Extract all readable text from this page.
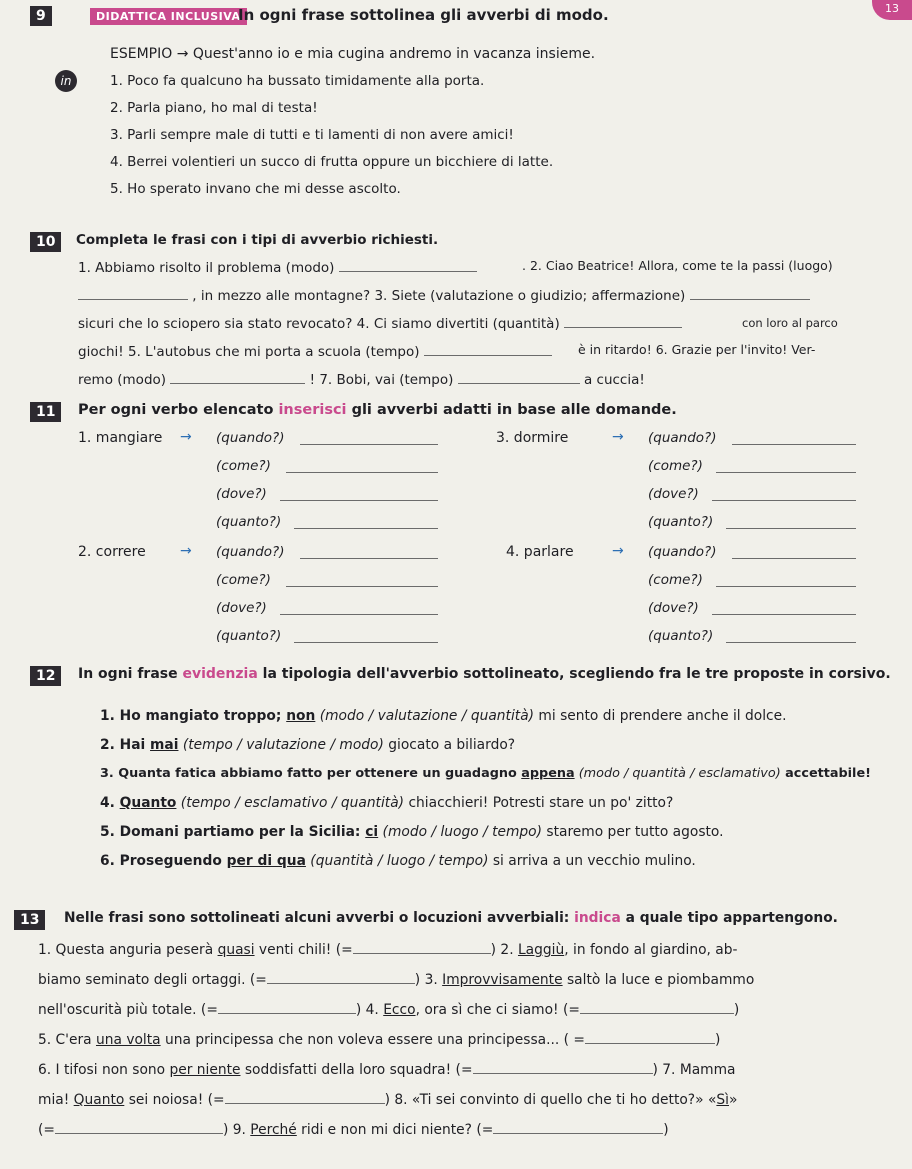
13
9	DIDATTICA INCLUSIVA
In ogni frase sottolinea gli avverbi di modo.
in
ESEMPIO → Quest'anno io e mia cugina andremo in vacanza insieme.
1. Poco fa qualcuno ha bussato timidamente alla porta.
2. Parla piano, ho mal di testa!
3. Parli sempre male di tutti e ti lamenti di non avere amici!
4. Berrei volentieri un succo di frutta oppure un bicchiere di latte.
5. Ho sperato invano che mi desse ascolto.
10	Completa le frasi con i tipi di avverbio richiesti.
1. Abbiamo risolto il problema (modo)	. 2. Ciao Beatrice! Allora, come te la passi (luogo)
, in mezzo alle montagne? 3. Siete (valutazione o giudizio; affermazione)
sicuri che lo sciopero sia stato revocato? 4. Ci siamo divertiti (quantità)	con loro al parco
giochi! 5. L'autobus che mi porta a scuola (tempo)	è in ritardo! 6. Grazie per l'invito! Ver-
remo (modo)	! 7. Bobi, vai (tempo)	a cuccia!
11	Per ogni verbo elencato inserisci gli avverbi adatti in base alle domande.
1. mangiare → (quando?)
(come?)
(dove?)
(quanto?)
2. correre → (quando?)
(come?)
(dove?)
(quanto?)
3. dormire	→ (quando?)
(come?)
(dove?)
(quanto?)
4. parlare	→ (quando?)
(come?)
(dove?)
(quanto?)
12	In ogni frase evidenzia la tipologia dell'avverbio sottolineato, scegliendo fra le tre proposte in corsivo.
1. Ho mangiato troppo; non (modo / valutazione / quantità) mi sento di prendere anche il dolce.
2. Hai mai (tempo / valutazione / modo) giocato a biliardo?
3. Quanta fatica abbiamo fatto per ottenere un guadagno appena (modo / quantità / esclamativo) accettabile!
4. Quanto (tempo / esclamativo / quantità) chiacchieri! Potresti stare un po' zitto?
5. Domani partiamo per la Sicilia: ci (modo / luogo / tempo) staremo per tutto agosto.
6. Proseguendo per di qua (quantità / luogo / tempo) si arriva a un vecchio mulino.
13	Nelle frasi sono sottolineati alcuni avverbi o locuzioni avverbiali: indica a quale tipo appartengono.
1. Questa anguria peserà quasi venti chili! (=	) 2. Laggiù, in fondo al giardino, ab-
biamo seminato degli ortaggi. (=	) 3. Improvvisamente saltò la luce e piombammo
nell'oscurità più totale. (=	) 4. Ecco, ora sì che ci siamo! (=	)
5. C'era una volta una principessa che non voleva essere una principessa... ( =	)
6. I tifosi non sono per niente soddisfatti della loro squadra! (=	) 7. Mamma
mia! Quanto sei noiosa! (=	) 8. «Ti sei convinto di quello che ti ho detto?» «Sì»
(=	) 9. Perché ridi e non mi dici niente? (=	)
